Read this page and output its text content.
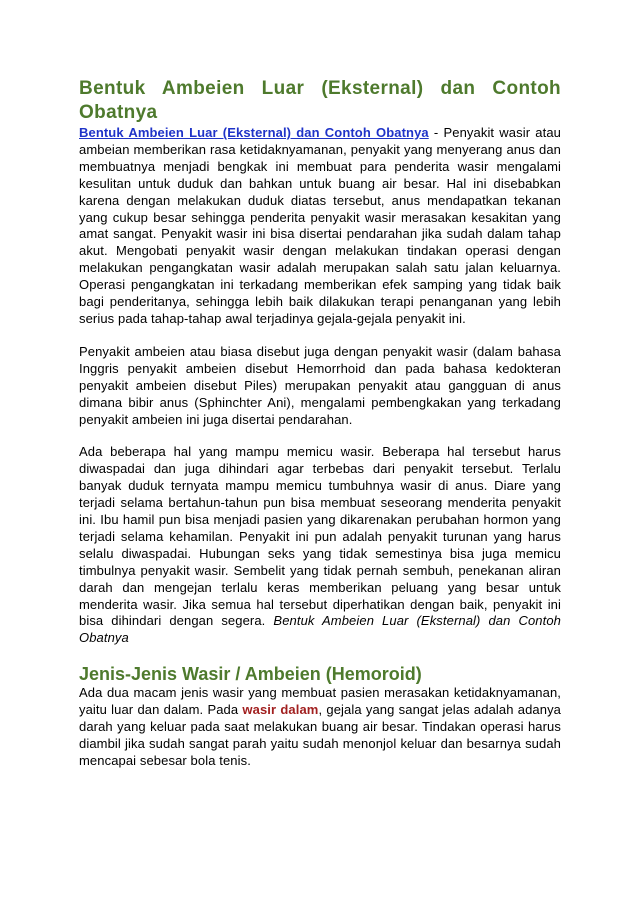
Bentuk Ambeien Luar (Eksternal) dan Contoh Obatnya

Bentuk Ambeien Luar (Eksternal) dan Contoh Obatnya - Penyakit wasir atau ambeian memberikan rasa ketidaknyamanan, penyakit yang menyerang anus dan membuatnya menjadi bengkak ini membuat para penderita wasir mengalami kesulitan untuk duduk dan bahkan untuk buang air besar. Hal ini disebabkan karena dengan melakukan duduk diatas tersebut, anus mendapatkan tekanan yang cukup besar sehingga penderita penyakit wasir merasakan kesakitan yang amat sangat. Penyakit wasir ini bisa disertai pendarahan jika sudah dalam tahap akut. Mengobati penyakit wasir dengan melakukan tindakan operasi dengan melakukan pengangkatan wasir adalah merupakan salah satu jalan keluarnya. Operasi pengangkatan ini terkadang memberikan efek samping yang tidak baik bagi penderitanya, sehingga lebih baik dilakukan terapi penanganan yang lebih serius pada tahap-tahap awal terjadinya gejala-gejala penyakit ini.

Penyakit ambeien atau biasa disebut juga dengan penyakit wasir (dalam bahasa Inggris penyakit ambeien disebut Hemorrhoid dan pada bahasa kedokteran penyakit ambeien disebut Piles) merupakan penyakit atau gangguan di anus dimana bibir anus (Sphinchter Ani), mengalami pembengkakan yang terkadang penyakit ambeien ini juga disertai pendarahan.

Ada beberapa hal yang mampu memicu wasir. Beberapa hal tersebut harus diwaspadai dan juga dihindari agar terbebas dari penyakit tersebut. Terlalu banyak duduk ternyata mampu memicu tumbuhnya wasir di anus. Diare yang terjadi selama bertahun-tahun pun bisa membuat seseorang menderita penyakit ini. Ibu hamil pun bisa menjadi pasien yang dikarenakan perubahan hormon yang terjadi selama kehamilan. Penyakit ini pun adalah penyakit turunan yang harus selalu diwaspadai. Hubungan seks yang tidak semestinya bisa juga memicu timbulnya penyakit wasir. Sembelit yang tidak pernah sembuh, penekanan aliran darah dan mengejan terlalu keras memberikan peluang yang besar untuk menderita wasir. Jika semua hal tersebut diperhatikan dengan baik, penyakit ini bisa dihindari dengan segera. Bentuk Ambeien Luar (Eksternal) dan Contoh Obatnya

Jenis-Jenis Wasir / Ambeien (Hemoroid)

Ada dua macam jenis wasir yang membuat pasien merasakan ketidaknyamanan, yaitu luar dan dalam. Pada wasir dalam, gejala yang sangat jelas adalah adanya darah yang keluar pada saat melakukan buang air besar. Tindakan operasi harus diambil jika sudah sangat parah yaitu sudah menonjol keluar dan besarnya sudah mencapai sebesar bola tenis.
